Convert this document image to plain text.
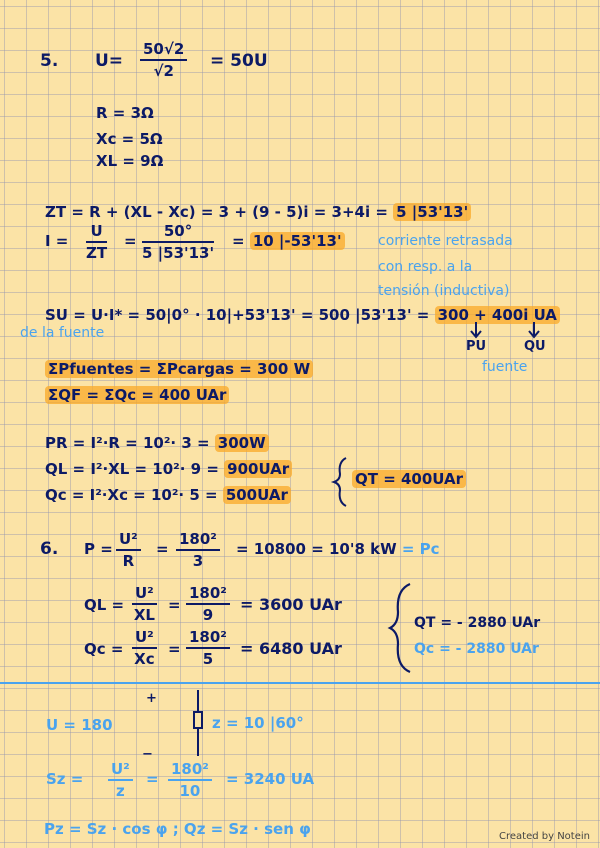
5. $U= \frac{50√2}{√2} = 50U$
R = 3Ω
Xc = 5Ω
XL = 9Ω
ZT = R + (XL - Xc) = 3 + (9 - 5)i = 3+4i = 5 |53'13'
$I = \frac{U}{ZT} = \frac{50^\circ}{5 |53'13'} = 10$ |-53'13'	corriente retrasada
con resp. a la
tensión (inductiva)
SU = U·I* = 50|0° · 10|+53'13' = 500 |53'13' = 300 + 400i UA
de la fuente
PU	QU
fuente
ΣPfuentes = ΣPcargas = 300 W
ΣQF = ΣQc = 400 UAr
PR = I²·R = 10²· 3 = 300W
QL = I²·XL = 10²· 9 = 900UAr
Qc = I²·Xc = 10²· 5 = 500UAr
QT = 400UAr
6. $P = \frac{\text{U²}}{R} = \frac{\text{180²}}{3} = 10800 = 10'8$ kW = Pc
QL = $\frac{\text{U²}}{XL} = \frac{\text{180²}}{9} = 3600$ UAr
$Qc = \frac{\text{U²}}{Xc} = \frac{\text{180²}}{5} = 6480$ UAr
QT = - 2880 UAr
Qc = - 2880 UAr
+
−
U = 180	z = 10 |60°
$Sz = \frac{\text{U²}}{z} = \frac{\text{180²}}{10} = 3240$ UA
Pz = Sz · cos φ ; Qz = Sz · sen φ	Created by Notein
